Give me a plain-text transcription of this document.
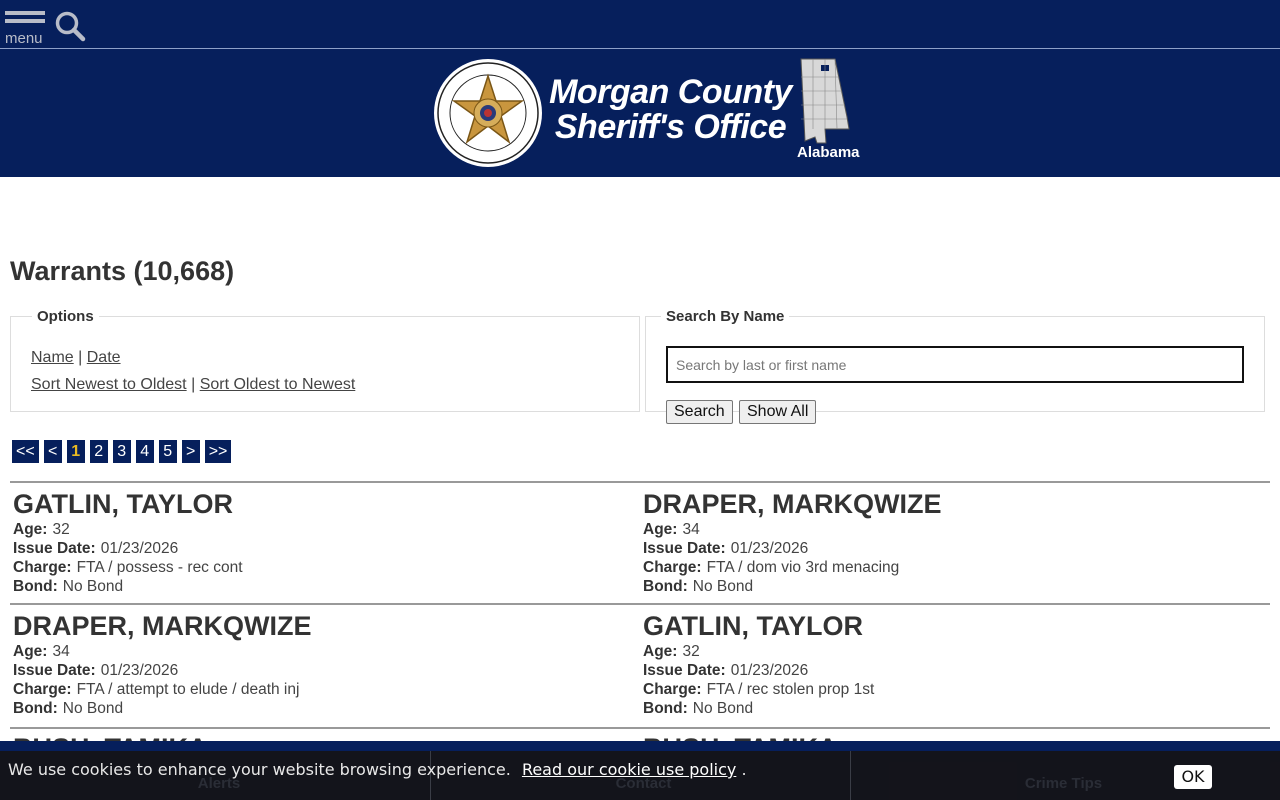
menu
Morgan County
Sheriff's Office
Alabama
Warrants (10,668)
Options
Name | Date
Sort Newest to Oldest | Sort Oldest to Newest
Search By Name
Search by last or first name
Search	Show All
<< < 1 2 3 4 5 > >>
GATLIN, TAYLOR
Age: 32
Issue Date: 01/23/2026
Charge: FTA / possess - rec cont
Bond: No Bond
DRAPER, MARKQWIZE
Age: 34
Issue Date: 01/23/2026
Charge: FTA / dom vio 3rd menacing
Bond: No Bond
DRAPER, MARKQWIZE
Age: 34
Issue Date: 01/23/2026
Charge: FTA / attempt to elude / death inj
Bond: No Bond
GATLIN, TAYLOR
Age: 32
Issue Date: 01/23/2026
Charge: FTA / rec stolen prop 1st
Bond: No Bond
Alerts	Contact	Crime Tips
We use cookies to enhance your website browsing experience. Read our cookie use policy .	OK
